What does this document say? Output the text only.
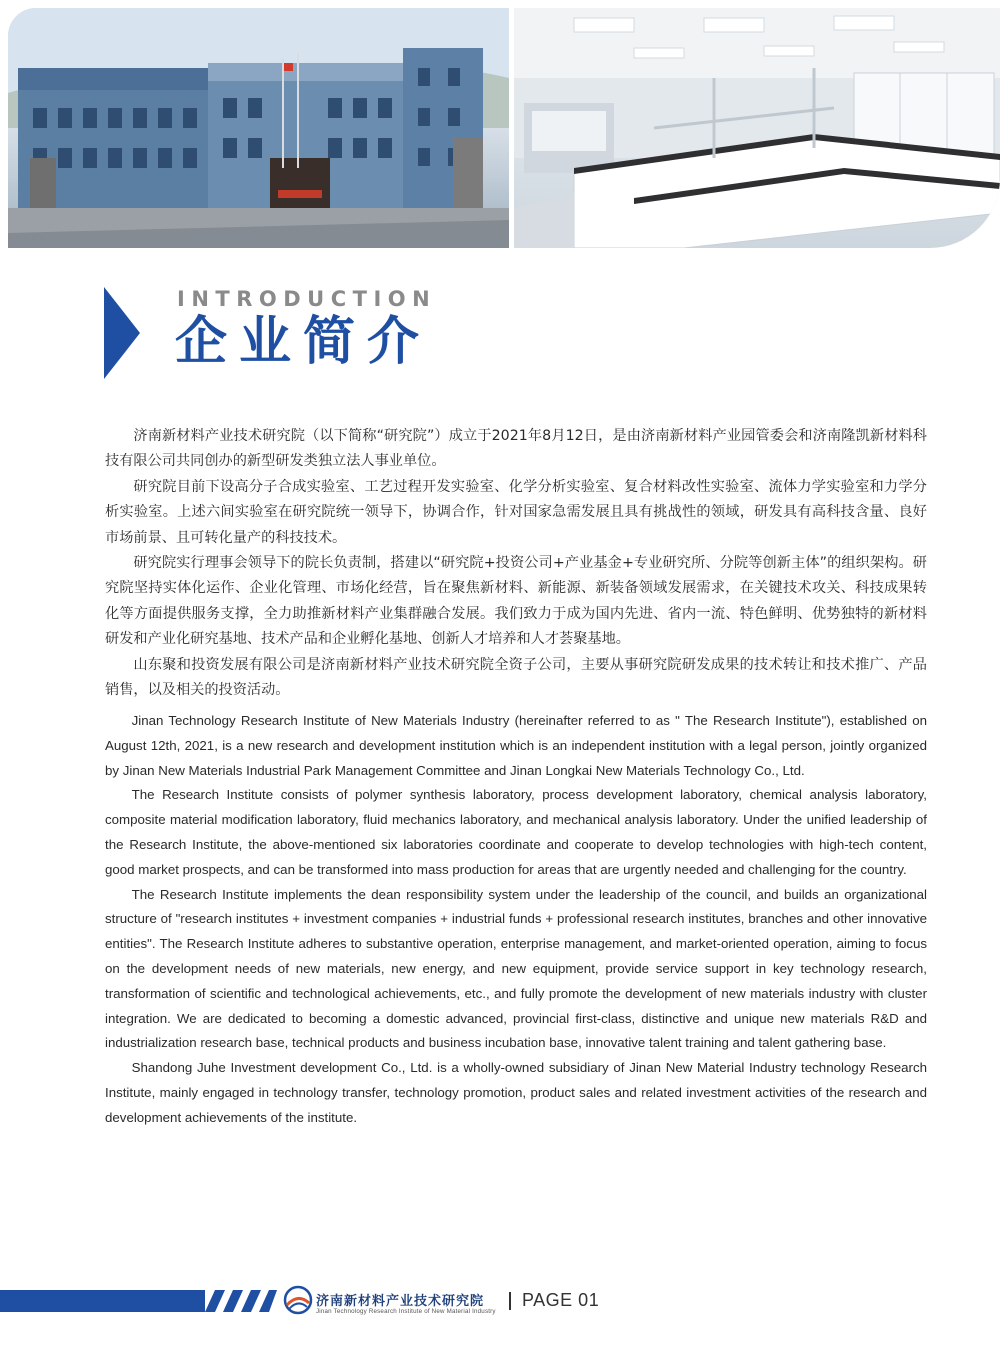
INTRODUCTION
企业简介

济南新材料产业技术研究院（以下简称“研究院”）成立于2021年8月12日，是由济南新材料产业园管委会和济南隆凯新材料科技有限公司共同创办的新型研发类独立法人事业单位。

研究院目前下设高分子合成实验室、工艺过程开发实验室、化学分析实验室、复合材料改性实验室、流体力学实验室和力学分析实验室。上述六间实验室在研究院统一领导下，协调合作，针对国家急需发展且具有挑战性的领域，研发具有高科技含量、良好市场前景、且可转化量产的科技技术。

研究院实行理事会领导下的院长负责制，搭建以“研究院+投资公司+产业基金+专业研究所、分院等创新主体”的组织架构。研究院坚持实体化运作、企业化管理、市场化经营，旨在聚焦新材料、新能源、新装备领域发展需求，在关键技术攻关、科技成果转化等方面提供服务支撑，全力助推新材料产业集群融合发展。我们致力于成为国内先进、省内一流、特色鲜明、优势独特的新材料研发和产业化研究基地、技术产品和企业孵化基地、创新人才培养和人才荟聚基地。

山东聚和投资发展有限公司是济南新材料产业技术研究院全资子公司，主要从事研究院研发成果的技术转让和技术推广、产品销售，以及相关的投资活动。

Jinan Technology Research Institute of New Materials Industry (hereinafter referred to as " The Research Institute"), established on August 12th, 2021, is a new research and development institution which is an independent institution with a legal person, jointly organized by Jinan New Materials Industrial Park Management Committee and Jinan Longkai New Materials Technology Co., Ltd.

The Research Institute consists of polymer synthesis laboratory, process development laboratory, chemical analysis laboratory, composite material modification laboratory, fluid mechanics laboratory, and mechanical analysis laboratory. Under the unified leadership of the Research Institute, the above-mentioned six laboratories coordinate and cooperate to develop technologies with high-tech content, good market prospects, and can be transformed into mass production for areas that are urgently needed and challenging for the country.

The Research Institute implements the dean responsibility system under the leadership of the council, and builds an organizational structure of "research institutes + investment companies + industrial funds + professional research institutes, branches and other innovative entities". The Research Institute adheres to substantive operation, enterprise management, and market-oriented operation, aiming to focus on the development needs of new materials, new energy, and new equipment, provide service support in key technology research, transformation of scientific and technological achievements, etc., and fully promote the development of new materials industry with cluster integration. We are dedicated to becoming a domestic advanced, provincial first-class, distinctive and unique new materials R&D and industrialization research base, technical products and business incubation base, innovative talent training and talent gathering base.

Shandong Juhe Investment development Co., Ltd. is a wholly-owned subsidiary of Jinan New Material Industry technology Research Institute, mainly engaged in technology transfer, technology promotion, product sales and related investment activities of the research and development achievements of the institute.

济南新材料产业技术研究院
Jinan Technology Research Institute of New Material Industry
PAGE 01
